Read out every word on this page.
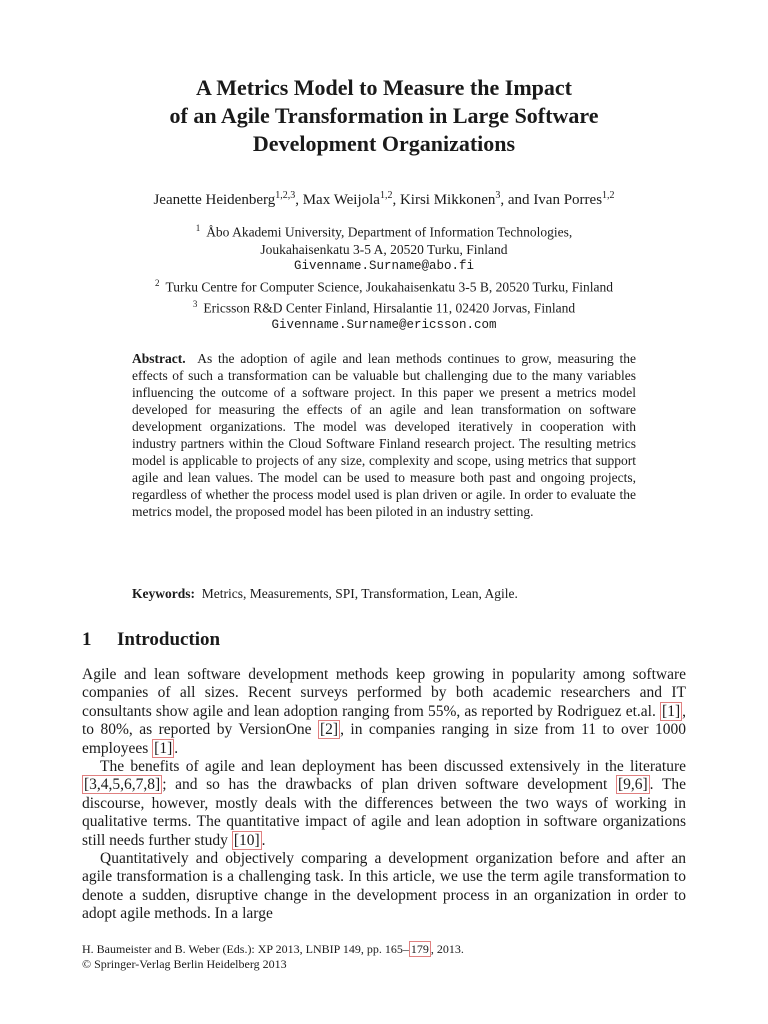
A Metrics Model to Measure the Impact
of an Agile Transformation in Large Software
Development Organizations
Jeanette Heidenberg$^{1,2,3}$, Max Weijola$^{1,2}$, Kirsi Mikkonen$^3$, and Ivan Porres$^{1,2}$
$^1$ Åbo Akademi University, Department of Information Technologies,
Joukahaisenkatu 3-5 A, 20520 Turku, Finland
Givenname.Surname@abo.fi
$^2$ Turku Centre for Computer Science, Joukahaisenkatu 3-5 B, 20520 Turku, Finland
$^3$ Ericsson R&D Center Finland, Hirsalantie 11, 02420 Jorvas, Finland
Givenname.Surname@ericsson.com
Abstract. As the adoption of agile and lean methods continues to grow, measuring the effects of such a transformation can be valuable but challenging due to the many variables influencing the outcome of a software project. In this paper we present a metrics model developed for measuring the effects of an agile and lean transformation on software development organizations. The model was developed iteratively in cooperation with industry partners within the Cloud Software Finland research project. The resulting metrics model is applicable to projects of any size, complexity and scope, using metrics that support agile and lean values. The model can be used to measure both past and ongoing projects, regardless of whether the process model used is plan driven or agile. In order to evaluate the metrics model, the proposed model has been piloted in an industry setting.
Keywords: Metrics, Measurements, SPI, Transformation, Lean, Agile.
1 Introduction

Agile and lean software development methods keep growing in popularity among software companies of all sizes. Recent surveys performed by both academic researchers and IT consultants show agile and lean adoption ranging from 55%, as reported by Rodriguez et.al. [1] , to 80%, as reported by VersionOne [2] , in companies ranging in size from 11 to over 1000 employees [1] .

The benefits of agile and lean deployment has been discussed extensively in the literature [3,4,5,6,7,8] ; and so has the drawbacks of plan driven software development [9,6] . The discourse, however, mostly deals with the differences between the two ways of working in qualitative terms. The quantitative impact of agile and lean adoption in software organizations still needs further study [10] .

Quantitatively and objectively comparing a development organization before and after an agile transformation is a challenging task. In this article, we use the term agile transformation to denote a sudden, disruptive change in the development process in an organization in order to adopt agile methods. In a large

H. Baumeister and B. Weber (Eds.): XP 2013, LNBIP 149, pp. 165– 179 , 2013.
© Springer-Verlag Berlin Heidelberg 2013
